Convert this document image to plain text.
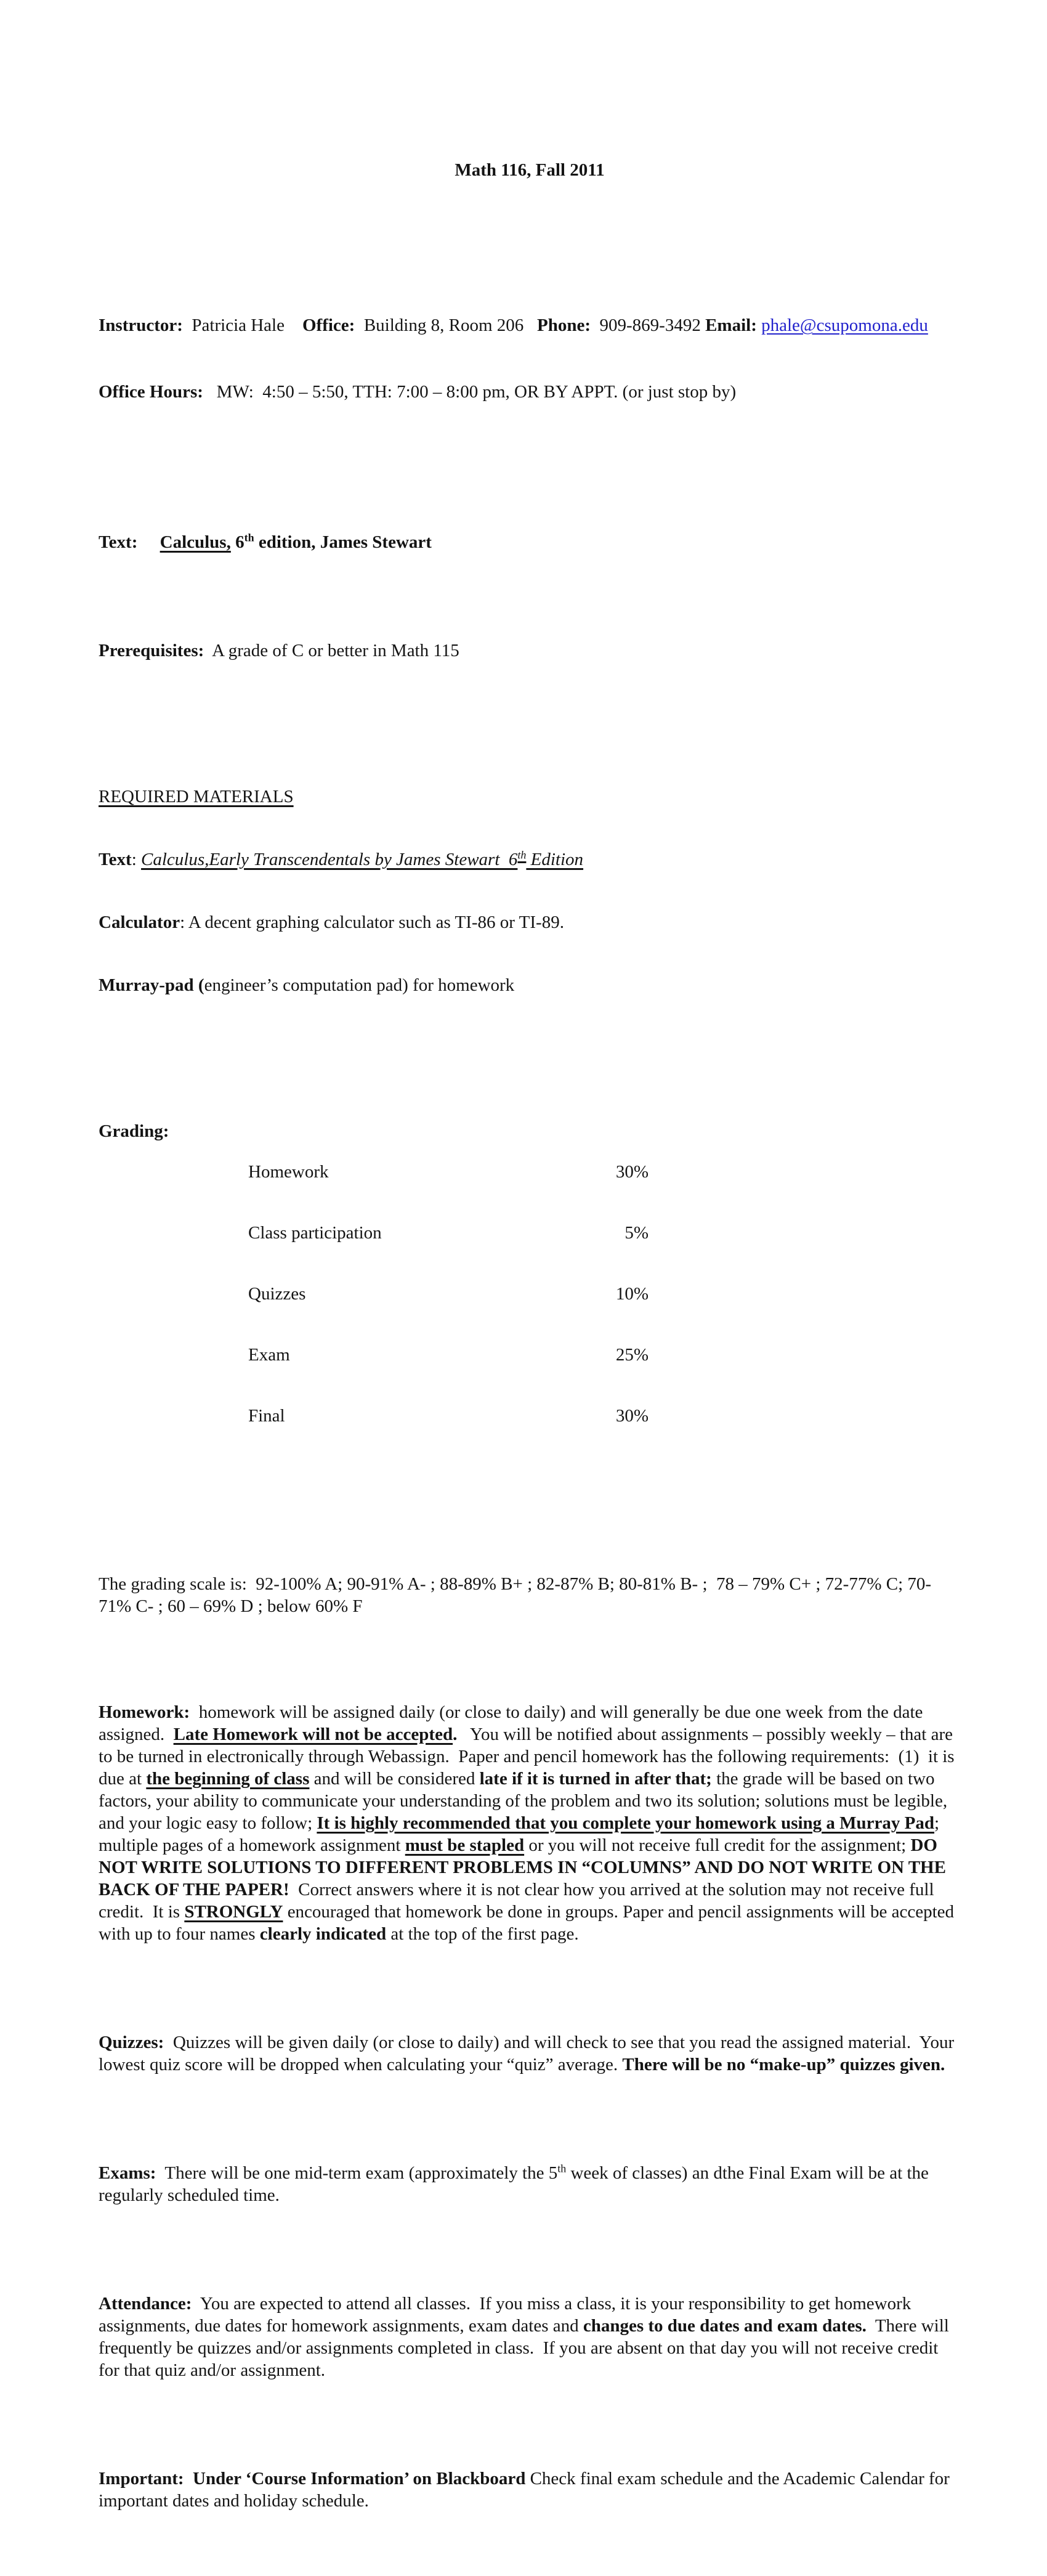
Math 116, Fall 2011

Instructor:  Patricia Hale    Office:  Building 8, Room 206   Phone:  909-869-3492 Email: phale@csupomona.edu

Office Hours:   MW:  4:50 – 5:50, TTH: 7:00 – 8:00 pm, OR BY APPT. (or just stop by)

Text: Calculus, 6th edition, James Stewart

Prerequisites:  A grade of C or better in Math 115

REQUIRED MATERIALS

Text: Calculus,Early Transcendentals by James Stewart  6th Edition

Calculator: A decent graphing calculator such as TI-86 or TI-89.

Murray-pad (engineer’s computation pad) for homework

Grading:

Homework	30%

Class participation	5%

Quizzes	10%

Exam	25%

Final	30%

The grading scale is:  92-100% A; 90-91% A- ; 88-89% B+ ; 82-87% B; 80-81% B- ;  78 – 79% C+ ; 72-77% C; 70-71% C- ; 60 – 69% D ; below 60% F

Homework:  homework will be assigned daily (or close to daily) and will generally be due one week from the date assigned.  Late Homework will not be accepted.   You will be notified about assignments – possibly weekly – that are to be turned in electronically through Webassign.  Paper and pencil homework has the following requirements:  (1)  it is due at the beginning of class and will be considered late if it is turned in after that; the grade will be based on two factors, your ability to communicate your understanding of the problem and two its solution; solutions must be legible, and your logic easy to follow; It is highly recommended that you complete your homework using a Murray Pad; multiple pages of a homework assignment must be stapled or you will not receive full credit for the assignment; DO NOT WRITE SOLUTIONS TO DIFFERENT PROBLEMS IN “COLUMNS” AND DO NOT WRITE ON THE BACK OF THE PAPER!  Correct answers where it is not clear how you arrived at the solution may not receive full credit.  It is STRONGLY encouraged that homework be done in groups. Paper and pencil assignments will be accepted with up to four names clearly indicated at the top of the first page.

Quizzes:  Quizzes will be given daily (or close to daily) and will check to see that you read the assigned material.  Your lowest quiz score will be dropped when calculating your “quiz” average. There will be no “make-up” quizzes given.

Exams:  There will be one mid-term exam (approximately the 5th week of classes) an dthe Final Exam will be at the regularly scheduled time.

Attendance:  You are expected to attend all classes.  If you miss a class, it is your responsibility to get homework assignments, due dates for homework assignments, exam dates and changes to due dates and exam dates.  There will frequently be quizzes and/or assignments completed in class.  If you are absent on that day you will not receive credit for that quiz and/or assignment.

Important:  Under ‘Course Information’ on Blackboard Check final exam schedule and the Academic Calendar for important dates and holiday schedule.
